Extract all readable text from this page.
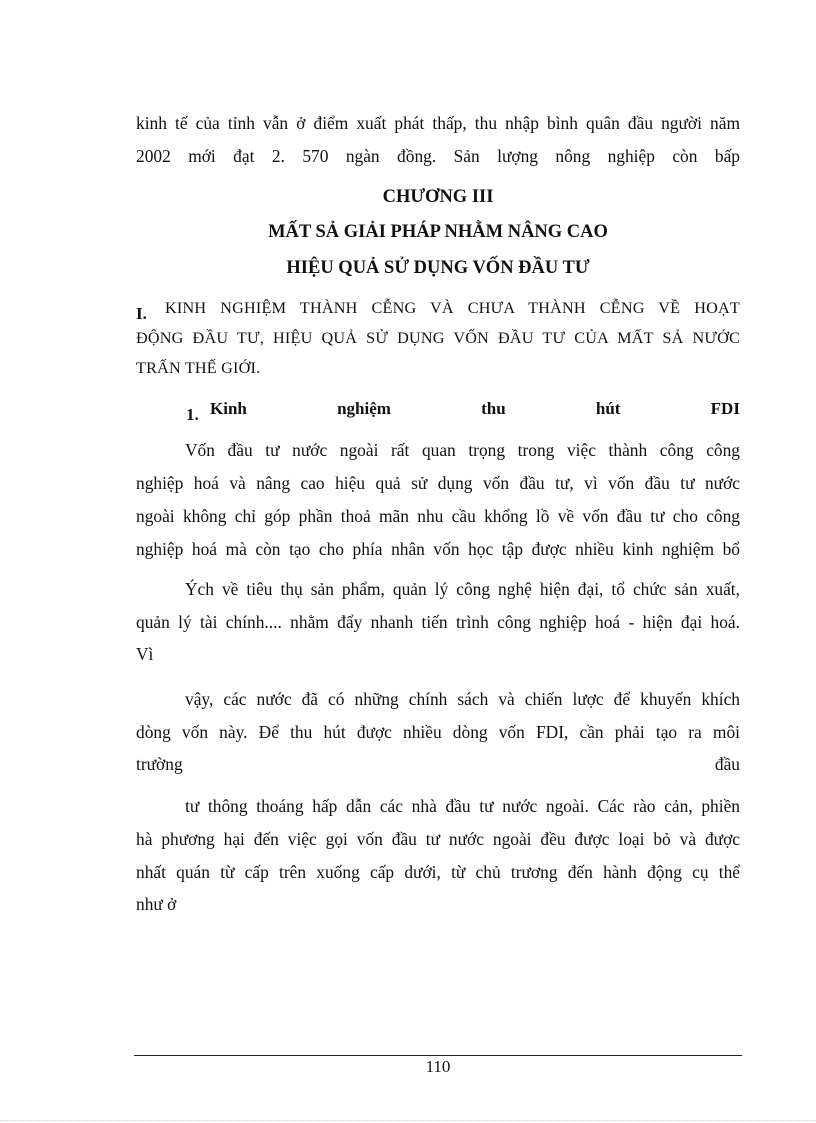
kinh tế của tỉnh vẫn ở điểm xuất phát thấp, thu nhập bình quân đầu người năm
2002 mới đạt 2. 570 ngàn đồng. Sản lượng nông nghiệp còn bấp
CHƯƠNG III
MẤT SẢ GIẢI PHÁP NHẰM NÂNG CAO
HIỆU QUẢ SỬ DỤNG VỐN ĐẦU TƯ
I. KINH NGHIỆM THÀNH CỄNG VÀ CHƯA THÀNH CỄNG VỀ HOẠT
ĐỘNG ĐẦU TƯ, HIỆU QUẢ SỬ DỤNG VỐN ĐẦU TƯ CỦA MẤT SẢ NƯỚC
TRẤN THẾ GIỚI.
1. Kinh	nghiệm	thu	hút	FDI
Vốn đầu tư nước ngoài rất quan trọng trong việc thành công công
nghiệp hoá và nâng cao hiệu quả sử dụng vốn đầu tư, vì vốn đầu tư nước
ngoài không chỉ góp phần thoả mãn nhu cầu khổng lồ về vốn đầu tư cho công
nghiệp hoá mà còn tạo cho phía nhân vốn học tập được nhiều kinh nghiệm bổ
Ých về tiêu thụ sản phẩm, quản lý công nghệ hiện đại, tổ chức sản xuất,
quản lý tài chính.... nhằm đẩy nhanh tiến trình công nghiệp hoá - hiện đại hoá.
Vì
vậy, các nước đã có những chính sách và chiến lược để khuyến khích
dòng vốn này. Để thu hút được nhiều dòng vốn FDI, cần phải tạo ra môi
trường	đầu
tư thông thoáng hấp dẫn các nhà đầu tư nước ngoài. Các rào cản, phiền
hà phương hại đến việc gọi vốn đầu tư nước ngoài đều được loại bỏ và được
nhất quán từ cấp trên xuống cấp dưới, từ chủ trương đến hành động cụ thể
như ở
110
